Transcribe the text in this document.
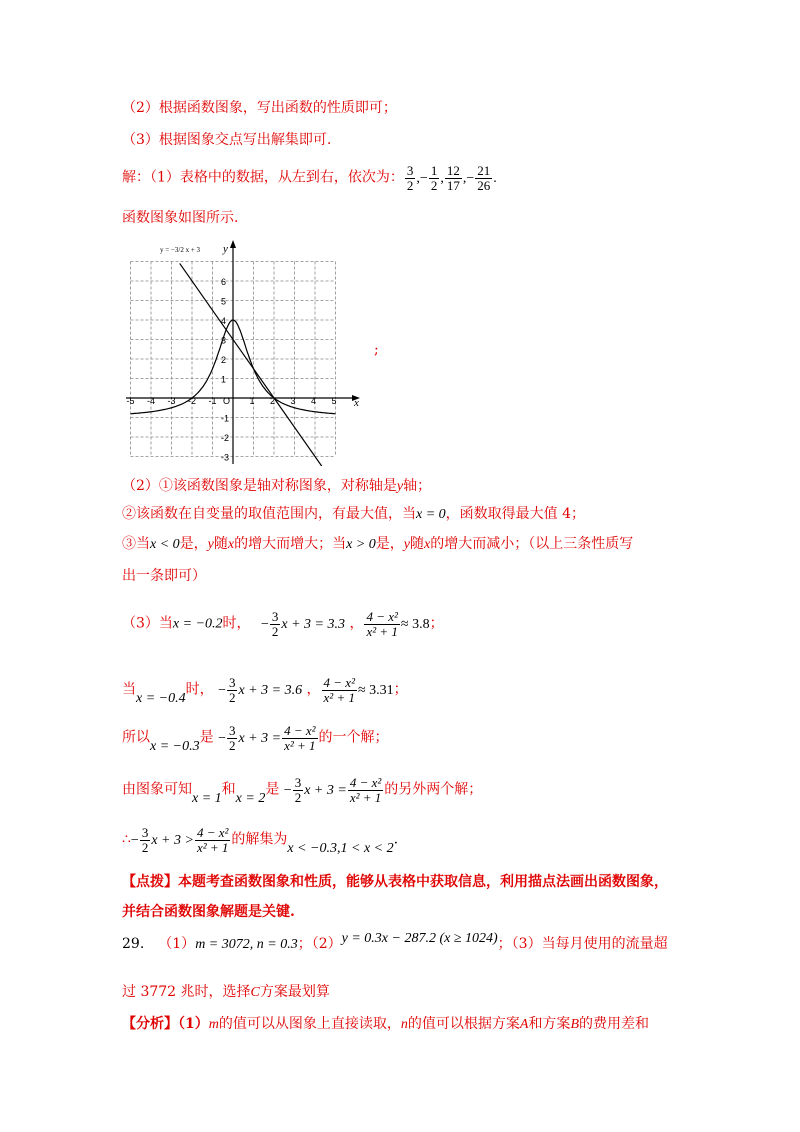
（2）根据函数图象，写出函数的性质即可；
（3）根据图象交点写出解集即可.
解：（1）表格中的数据，从左到右，依次为： $\frac{3}{2}$ ,− $\frac{1}{2}$ , $\frac{12}{17}$ ,− $\frac{21}{26}$ .
函数图象如图所示.
-5 -4 -3 -2 -1 O 1 2 3 4 5
6
5
4
3
2
1
-1
-2
-3
x
y
y = −3/2 x + 3
;
（2）①该函数图象是轴对称图象，对称轴是y轴；
②该函数在自变量的取值范围内，有最大值，当x = 0，函数取得最大值 4；
③当x < 0是，y随x的增大而增大；当x > 0是，y随x的增大而减小；（以上三条性质写
出一条即可）
（3）当x = −0.2时， − $\frac{3}{2}$ x + 3 = 3.3 ， $\frac{\text{4 − x²}}{\text{x² + 1}} \approx 3.8$；
当x = −0.4时， − $\frac{3}{2}$ x + 3 = 3.6 ， $\frac{\text{4 − x²}}{\text{x² + 1}} \approx 3.31$；
所以x = −0.3是 − $\frac{3}{2}$ $x + 3 = \frac{\text{4 − x²}}{\text{x² + 1}}$ 的一个解；
由图象可知x = 1和x = 2是 − $\frac{3}{2}$ $x + 3 = \frac{\text{4 − x²}}{\text{x² + 1}}$ 的另外两个解；
∴− $\frac{3}{2}$ $x + 3 > \frac{\text{4 − x²}}{\text{x² + 1}}$ 的解集为x < −0.3,1 < x < 2.
【点拨】本题考查函数图象和性质，能够从表格中获取信息，利用描点法画出函数图象，
并结合函数图象解题是关键.
29. （1）m = 3072, n = 0.3；（2）y = 0.3x − 287.2 (x ≥ 1024)；（3）当每月使用的流量超
过 3772 兆时，选择C方案最划算
【分析】（1）m的值可以从图象上直接读取，n的值可以根据方案A和方案B的费用差和
